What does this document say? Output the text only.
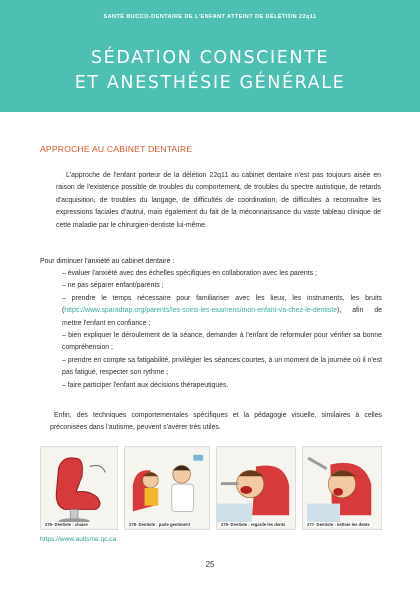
SANTÉ BUCCO-DENTAIRE DE L'ENFANT ATTEINT DE DÉLÉTION 22q11
SÉDATION CONSCIENTE
ET ANESTHÉSIE GÉNÉRALE
APPROCHE AU CABINET DENTAIRE

L'approche de l'enfant porteur de la délétion 22q11 au cabinet dentaire n'est pas toujours aisée en raison de l'existence possible de troubles du comportement, de troubles du spectre autistique, de retards d'acquisition, de troubles du langage, de difficultés de coordination, de difficultés à reconnaître les expressions faciales d'autrui, mais également du fait de la méconnaissance du vaste tableau clinique de cette maladie par le chirurgien-dentiste lui-même.

Pour diminuer l'anxiété au cabinet dentaire :
– évaluer l'anxiété avec des échelles spécifiques en collaboration avec les parents ;
– ne pas séparer enfant/parents ;
– prendre le temps nécessaire pour familiariser avec les lieux, les instruments, les bruits (https://www.sparadrap.org/parents/les-soins-les-examens/mon-enfant-va-chez-le-dentiste), afin de mettre l'enfant en confiance ;
– bien expliquer le déroulement de la séance, demander à l'enfant de reformuler pour vérifier sa bonne compréhension ;
– prendre en compte sa fatigabilité, privilégier les séances courtes, à un moment de la journée où il n'est pas fatigué, respecter son rythme ;
– faire participer l'enfant aux décisions thérapeutiques.

Enfin, des techniques comportementales spécifiques et la pédagogie visuelle, similaires à celles préconisées dans l'autisme, peuvent s'avérer très utiles.

276- Dentiste : chaise	278- Dentiste : parle gentiment	279- Dentiste : regarde les dents	277- Dentiste : nettoie les dents
https://www.autisme.qc.ca
25
